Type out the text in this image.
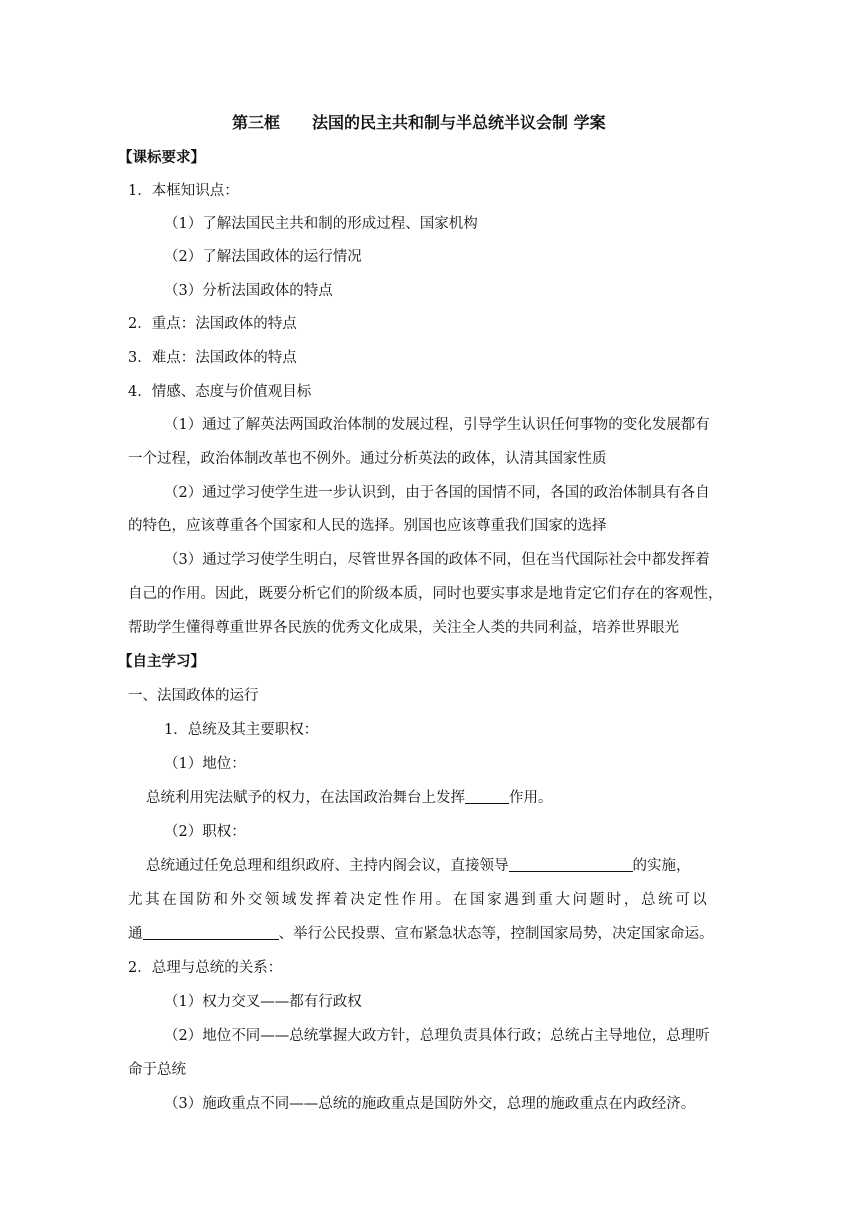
第三框　　法国的民主共和制与半总统半议会制 学案
【课标要求】
1．本框知识点：
（1）了解法国民主共和制的形成过程、国家机构
（2）了解法国政体的运行情况
（3）分析法国政体的特点
2．重点：法国政体的特点
3．难点：法国政体的特点
4．情感、态度与价值观目标
（1）通过了解英法两国政治体制的发展过程，引导学生认识任何事物的变化发展都有
一个过程，政治体制改革也不例外。通过分析英法的政体，认清其国家性质
（2）通过学习使学生进一步认识到，由于各国的国情不同，各国的政治体制具有各自
的特色，应该尊重各个国家和人民的选择。别国也应该尊重我们国家的选择
（3）通过学习使学生明白，尽管世界各国的政体不同，但在当代国际社会中都发挥着
自己的作用。因此，既要分析它们的阶级本质，同时也要实事求是地肯定它们存在的客观性，
帮助学生懂得尊重世界各民族的优秀文化成果，关注全人类的共同利益，培养世界眼光
【自主学习】
一、法国政体的运行
1．总统及其主要职权：
（1）地位：
总统利用宪法赋予的权力，在法国政治舞台上发挥	作用。
（2）职权：
总统通过任免总理和组织政府、主持内阁会议，直接领导	的实施，
尤其在国防和外交领域发挥着决定性作用。在国家遇到重大问题时，总统可以
通	、举行公民投票、宣布紧急状态等，控制国家局势，决定国家命运。
2．总理与总统的关系：
（1）权力交叉——都有行政权
（2）地位不同——总统掌握大政方针，总理负责具体行政；总统占主导地位，总理听
命于总统
（3）施政重点不同——总统的施政重点是国防外交，总理的施政重点在内政经济。
